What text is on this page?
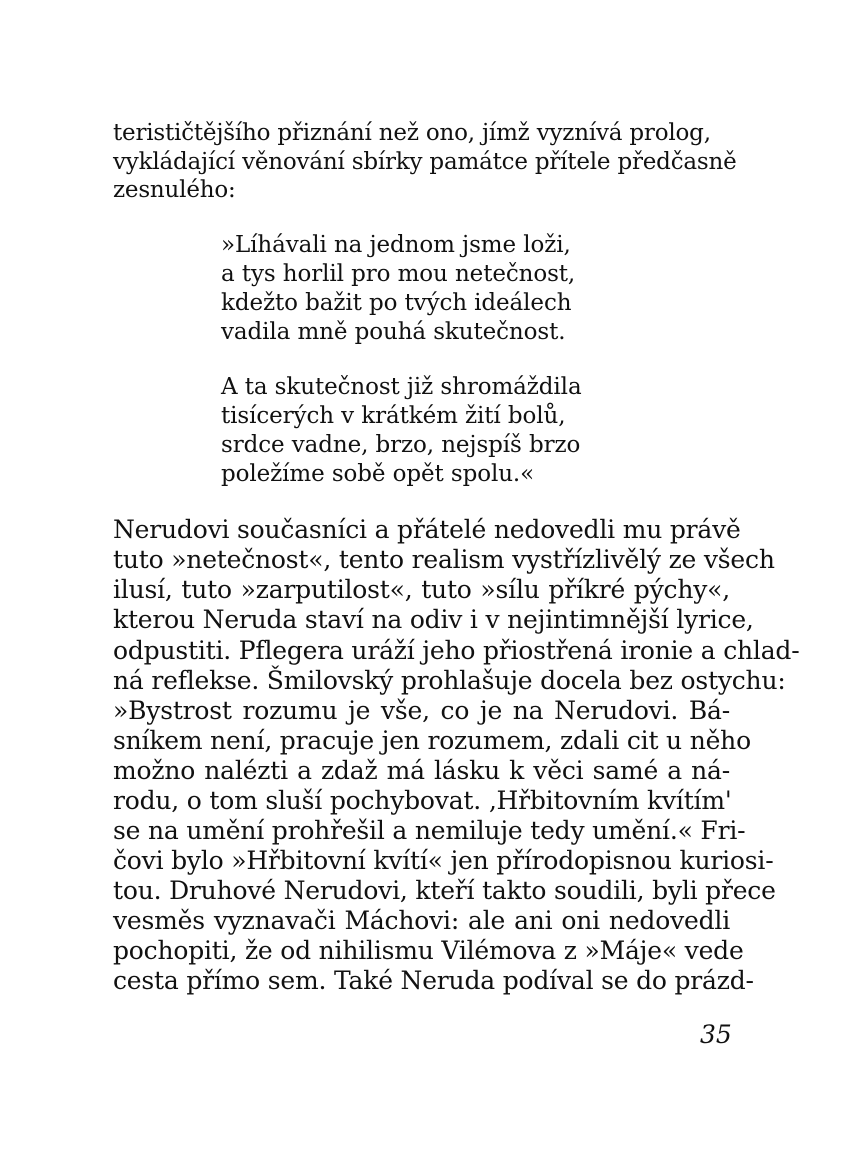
terističtějšího přiznání než ono, jímž vyznívá prolog,

vykládající věnování sbírky památce přítele předčasně

zesnulého:

»Líhávali na jednom jsme loži,

a tys horlil pro mou netečnost,

kdežto bažit po tvých ideálech

vadila mně pouhá skutečnost.

A ta skutečnost již shromáždila

tisícerých v krátkém žití bolů,

srdce vadne, brzo, nejspíš brzo

poležíme sobě opět spolu.«

Nerudovi současníci a přátelé nedovedli mu právě

tuto »netečnost«, tento realism vystřízlivělý ze všech

ilusí, tuto »zarputilost«, tuto »sílu příkré pýchy«,

kterou Neruda staví na odiv i v nejintimnější lyrice,

odpustiti. Pflegera uráží jeho přiostřená ironie a chlad-

ná reflekse. Šmilovský prohlašuje docela bez ostychu:

»Bystrost rozumu je vše, co je na Nerudovi. Bá-

sníkem není, pracuje jen rozumem, zdali cit u něho

možno nalézti a zdaž má lásku k věci samé a ná-

rodu, o tom sluší pochybovat. ‚Hřbitovním kvítím'

se na umění prohřešil a nemiluje tedy umění.« Fri-

čovi bylo »Hřbitovní kvítí« jen přírodopisnou kuriosi-

tou. Druhové Nerudovi, kteří takto soudili, byli přece

vesměs vyznavači Máchovi: ale ani oni nedovedli

pochopiti, že od nihilismu Vilémova z »Máje« vede

cesta přímo sem. Také Neruda podíval se do prázd-

35
